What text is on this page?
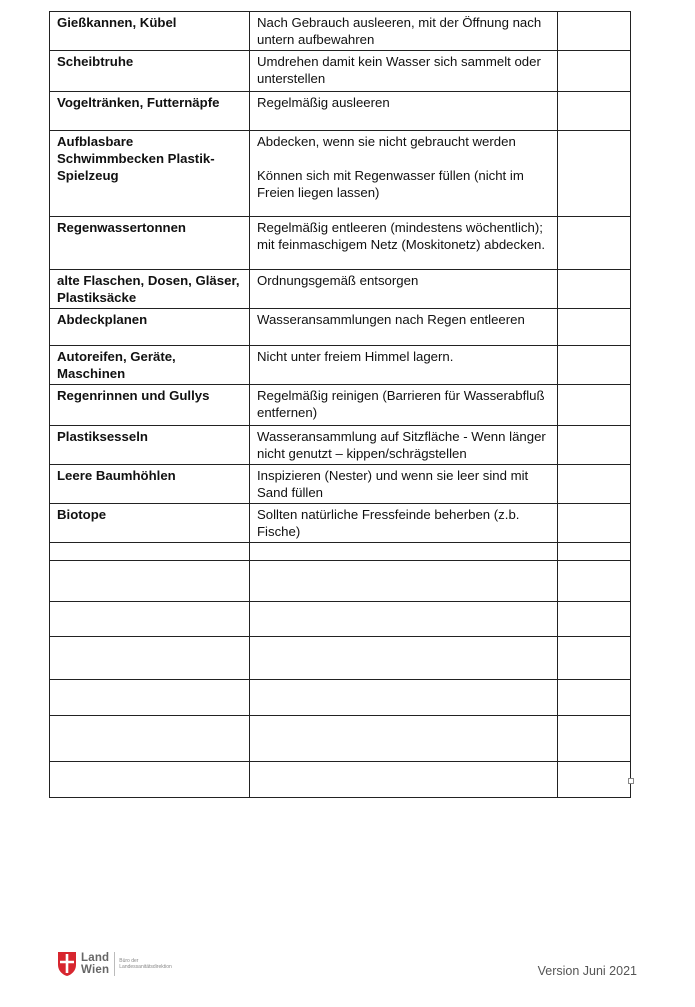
Gießkannen, Kübel	Nach Gebrauch ausleeren, mit der Öffnung nach untern aufbewahren	
Scheibtruhe	Umdrehen damit kein Wasser sich sammelt oder unterstellen	
Vogeltränken, Futternäpfe	Regelmäßig ausleeren	
Aufblasbare Schwimmbecken Plastik-Spielzeug	Abdecken, wenn sie nicht gebraucht werden
Können sich mit Regenwasser füllen (nicht im Freien liegen lassen)	
Regenwassertonnen	Regelmäßig entleeren (mindestens wöchentlich); mit feinmaschigem Netz (Moskitonetz) abdecken.	
alte Flaschen, Dosen, Gläser, Plastiksäcke	Ordnungsgemäß entsorgen	
Abdeckplanen	Wasseransammlungen nach Regen entleeren	
Autoreifen, Geräte, Maschinen	Nicht unter freiem Himmel lagern.	
Regenrinnen und Gullys	Regelmäßig reinigen (Barrieren für Wasserabfluß entfernen)	
Plastiksesseln	Wasseransammlung auf Sitzfläche - Wenn länger nicht genutzt – kippen/schrägstellen	
Leere Baumhöhlen	Inspizieren (Nester) und wenn sie leer sind mit Sand füllen	
Biotope	Sollten natürliche Fressfeinde beherben (z.b. Fische)	

Land
Wien
Büro der Landessanitätsdirektion	Version Juni 2021
